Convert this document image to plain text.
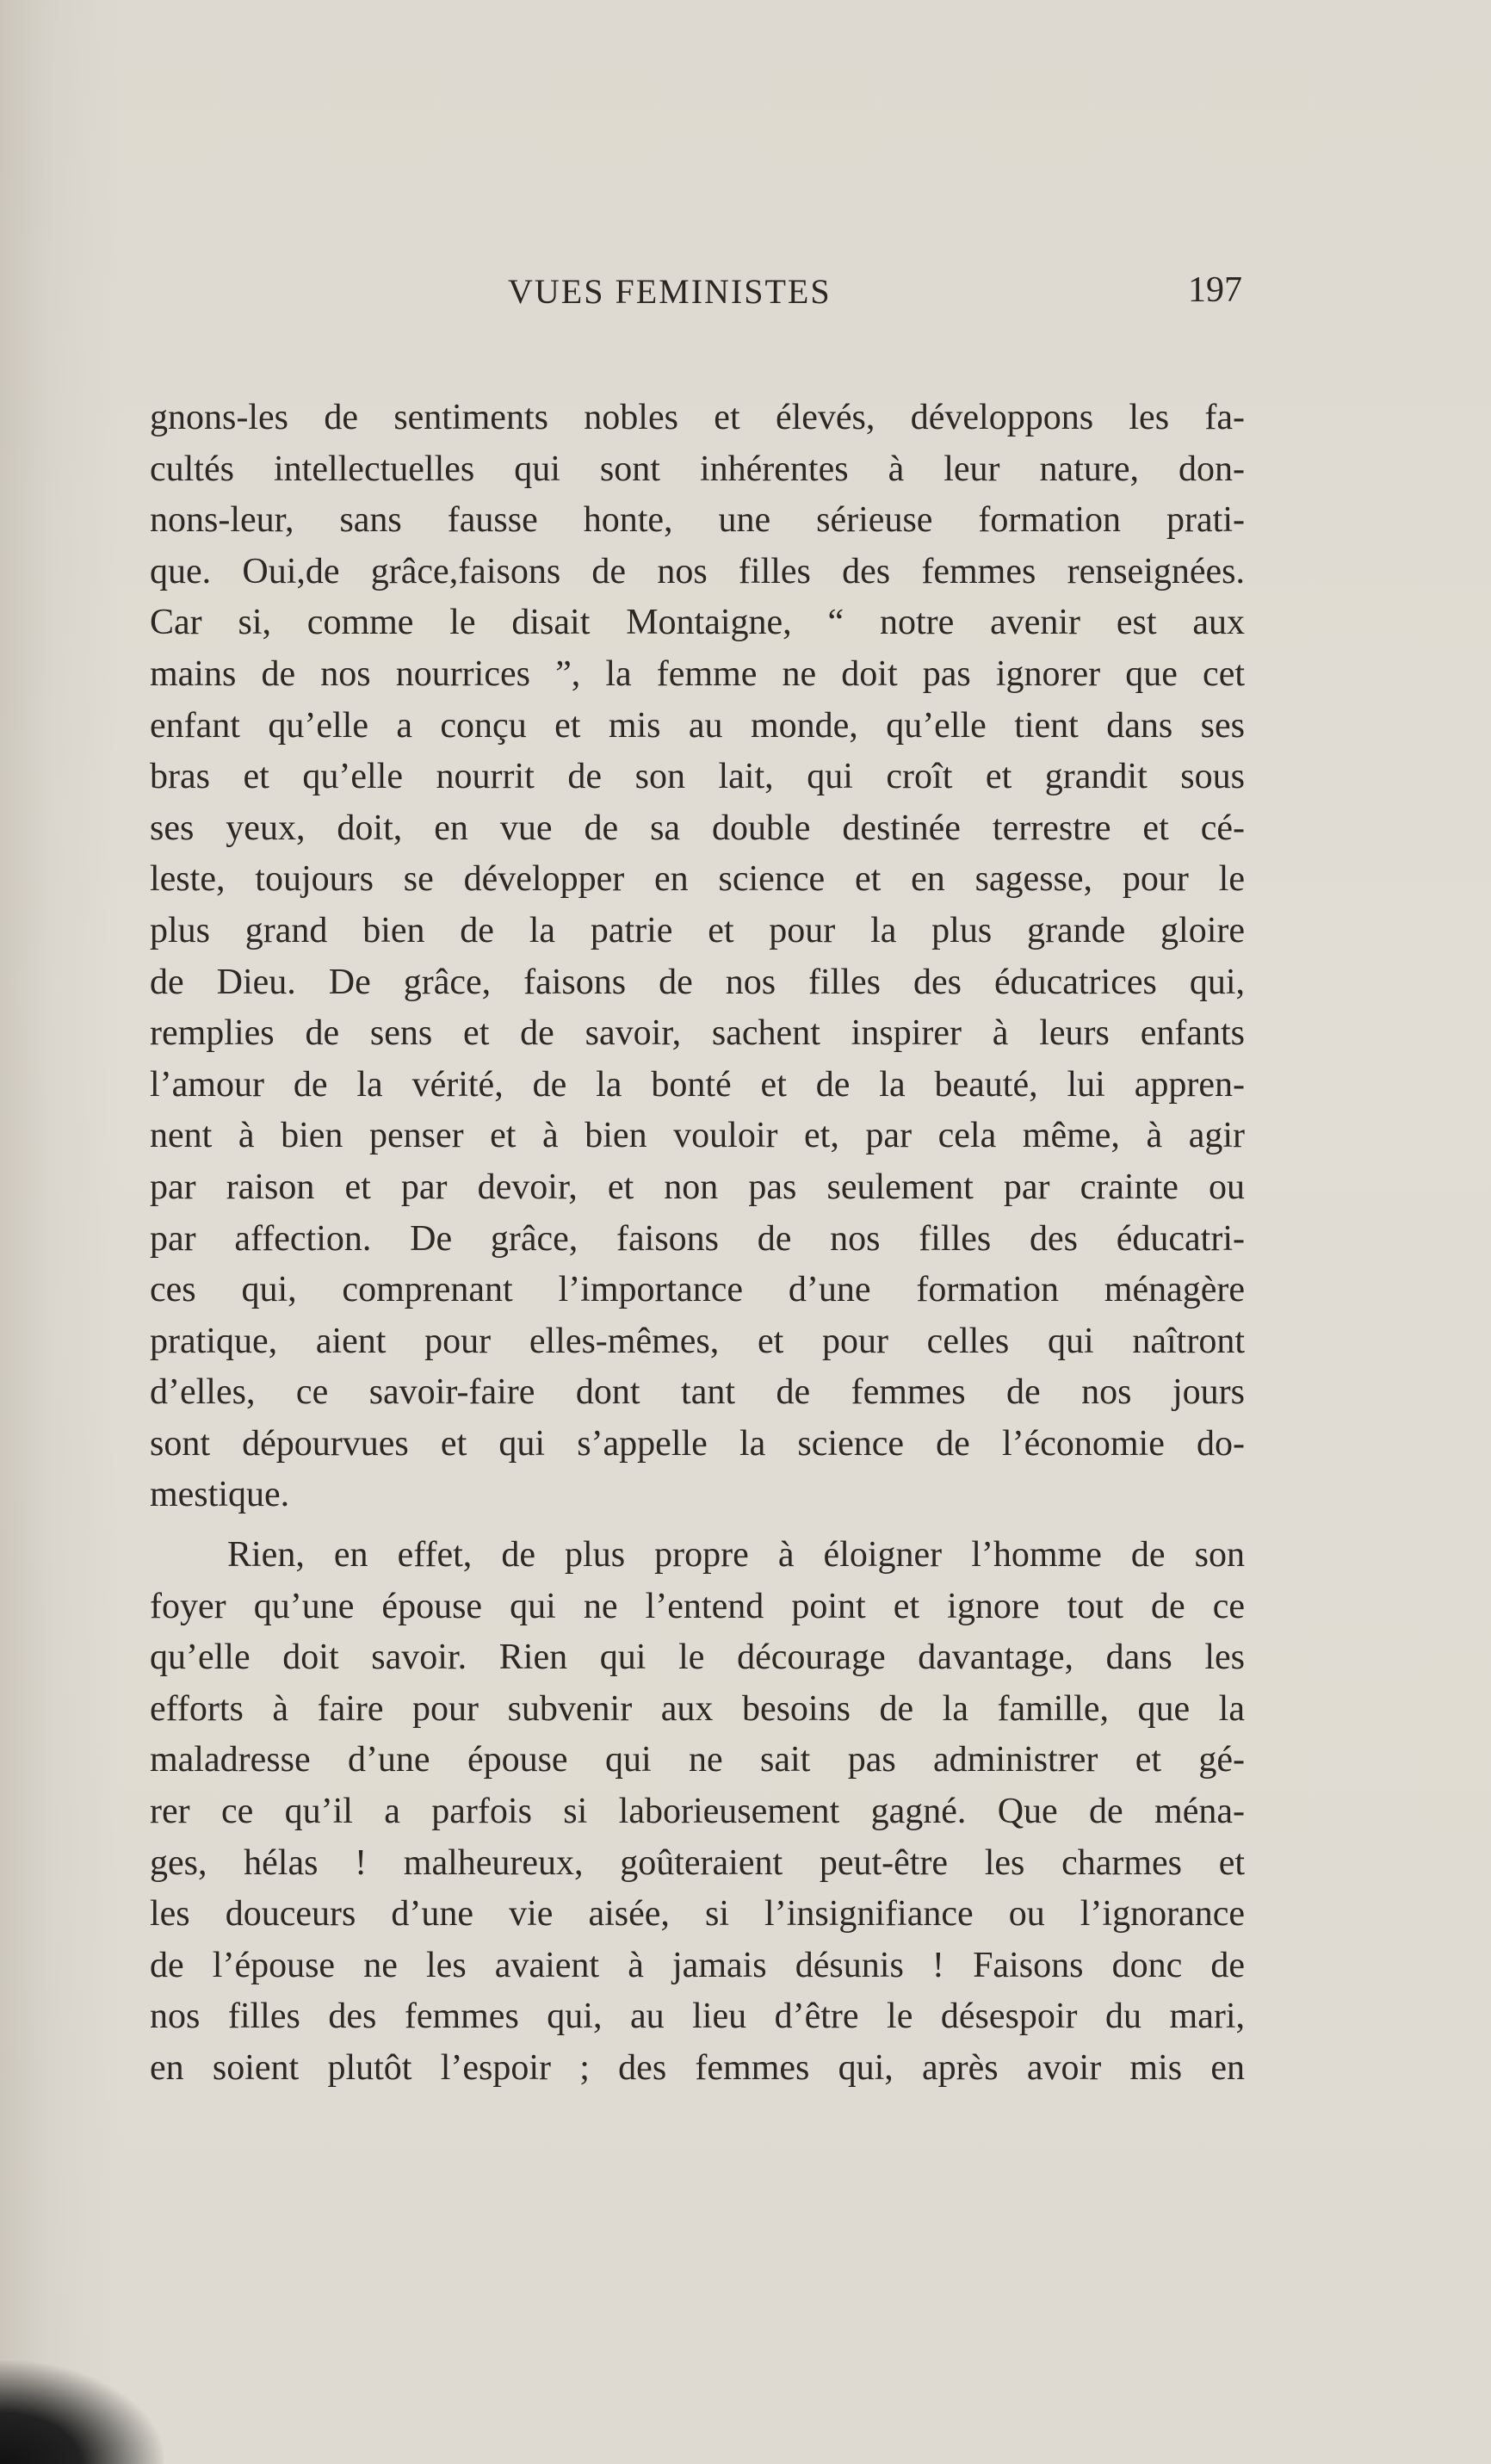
VUES FEMINISTES	197
gnons-les de sentiments nobles et élevés, développons les fa-
cultés intellectuelles qui sont inhérentes à leur nature, don-
nons-leur, sans fausse honte, une sérieuse formation prati-
que. Oui,de grâce,faisons de nos filles des femmes renseignées.
Car si, comme le disait Montaigne, “ notre avenir est aux
mains de nos nourrices ”, la femme ne doit pas ignorer que cet
enfant qu’elle a conçu et mis au monde, qu’elle tient dans ses
bras et qu’elle nourrit de son lait, qui croît et grandit sous
ses yeux, doit, en vue de sa double destinée terrestre et cé-
leste, toujours se développer en science et en sagesse, pour le
plus grand bien de la patrie et pour la plus grande gloire
de Dieu. De grâce, faisons de nos filles des éducatrices qui,
remplies de sens et de savoir, sachent inspirer à leurs enfants
l’amour de la vérité, de la bonté et de la beauté, lui appren-
nent à bien penser et à bien vouloir et, par cela même, à agir
par raison et par devoir, et non pas seulement par crainte ou
par affection. De grâce, faisons de nos filles des éducatri-
ces qui, comprenant l’importance d’une formation ménagère
pratique, aient pour elles-mêmes, et pour celles qui naîtront
d’elles, ce savoir-faire dont tant de femmes de nos jours
sont dépourvues et qui s’appelle la science de l’économie do-
mestique.
Rien, en effet, de plus propre à éloigner l’homme de son
foyer qu’une épouse qui ne l’entend point et ignore tout de ce
qu’elle doit savoir. Rien qui le décourage davantage, dans les
efforts à faire pour subvenir aux besoins de la famille, que la
maladresse d’une épouse qui ne sait pas administrer et gé-
rer ce qu’il a parfois si laborieusement gagné. Que de ména-
ges, hélas ! malheureux, goûteraient peut-être les charmes et
les douceurs d’une vie aisée, si l’insignifiance ou l’ignorance
de l’épouse ne les avaient à jamais désunis ! Faisons donc de
nos filles des femmes qui, au lieu d’être le désespoir du mari,
en soient plutôt l’espoir ; des femmes qui, après avoir mis en
